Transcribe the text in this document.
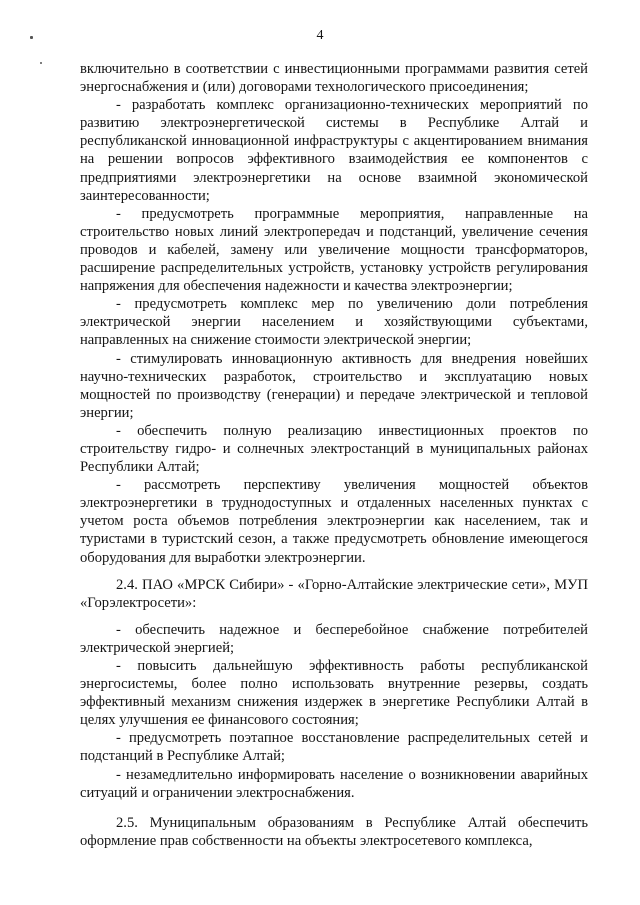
4

включительно в соответствии с инвестиционными программами развития сетей энергоснабжения и (или) договорами технологического присоединения;

- разработать комплекс организационно-технических мероприятий по развитию электроэнергетической системы в Республике Алтай и республиканской инновационной инфраструктуры с акцентированием внимания на решении вопросов эффективного взаимодействия ее компонентов с предприятиями электроэнергетики на основе взаимной экономической заинтересованности;

- предусмотреть программные мероприятия, направленные на строительство новых линий электропередач и подстанций, увеличение сечения проводов и кабелей, замену или увеличение мощности трансформаторов, расширение распределительных устройств, установку устройств регулирования напряжения для обеспечения надежности и качества электроэнергии;

- предусмотреть комплекс мер по увеличению доли потребления электрической энергии населением и хозяйствующими субъектами, направленных на снижение стоимости электрической энергии;

- стимулировать инновационную активность для внедрения новейших научно-технических разработок, строительство и эксплуатацию новых мощностей по производству (генерации) и передаче электрической и тепловой энергии;

- обеспечить полную реализацию инвестиционных проектов по строительству гидро- и солнечных электростанций в муниципальных районах Республики Алтай;

- рассмотреть перспективу увеличения мощностей объектов электроэнергетики в труднодоступных и отдаленных населенных пунктах с учетом роста объемов потребления электроэнергии как населением, так и туристами в туристский сезон, а также предусмотреть обновление имеющегося оборудования для выработки электроэнергии.

2.4. ПАО «МРСК Сибири» - «Горно-Алтайские электрические сети», МУП «Горэлектросети»:

- обеспечить надежное и бесперебойное снабжение потребителей электрической энергией;

- повысить дальнейшую эффективность работы республиканской энергосистемы, более полно использовать внутренние резервы, создать эффективный механизм снижения издержек в энергетике Республики Алтай в целях улучшения ее финансового состояния;

- предусмотреть поэтапное восстановление распределительных сетей и подстанций в Республике Алтай;

- незамедлительно информировать население о возникновении аварийных ситуаций и ограничении электроснабжения.

2.5. Муниципальным образованиям в Республике Алтай обеспечить оформление прав собственности на объекты электросетевого комплекса,
